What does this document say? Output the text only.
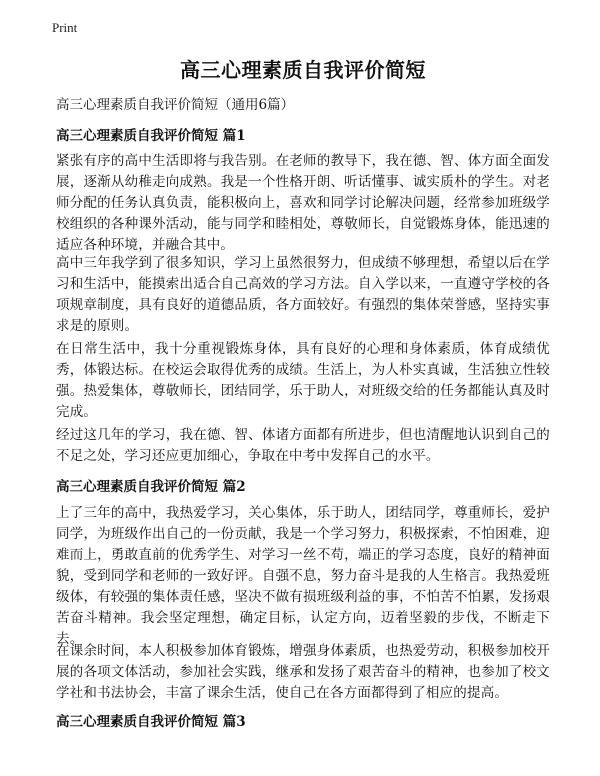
Print
高三心理素质自我评价简短
高三心理素质自我评价简短（通用6篇）
高三心理素质自我评价简短 篇1

紧张有序的高中生活即将与我告别。在老师的教导下，我在德、智、体方面全面发展，逐渐从幼稚走向成熟。我是一个性格开朗、听话懂事、诚实质朴的学生。对老师分配的任务认真负责，能积极向上，喜欢和同学讨论解决问题，经常参加班级学校组织的各种课外活动，能与同学和睦相处，尊敬师长，自觉锻炼身体，能迅速的适应各种环境，并融合其中。

高中三年我学到了很多知识，学习上虽然很努力，但成绩不够理想，希望以后在学习和生活中，能摸索出适合自己高效的学习方法。自入学以来，一直遵守学校的各项规章制度，具有良好的道德品质，各方面较好。有强烈的集体荣誉感，坚持实事求是的原则。

在日常生活中，我十分重视锻炼身体，具有良好的心理和身体素质，体育成绩优秀，体锻达标。在校运会取得优秀的成绩。生活上，为人朴实真诚，生活独立性较强。热爱集体，尊敬师长，团结同学，乐于助人，对班级交给的任务都能认真及时完成。

经过这几年的学习，我在德、智、体诸方面都有所进步，但也清醒地认识到自己的不足之处，学习还应更加细心，争取在中考中发挥自己的水平。

高三心理素质自我评价简短 篇2

上了三年的高中，我热爱学习，关心集体，乐于助人，团结同学，尊重师长，爱护同学，为班级作出自己的一份贡献，我是一个学习努力，积极探索，不怕困难，迎难而上，勇敢直前的优秀学生、对学习一丝不苟，端正的学习态度，良好的精神面貌，受到同学和老师的一致好评。自强不息，努力奋斗是我的人生格言。我热爱班级体，有较强的集体责任感，坚决不做有损班级利益的事，不怕苦不怕累，发扬艰苦奋斗精神。我会坚定理想，确定目标，认定方向，迈着坚毅的步伐，不断走下去。

在课余时间，本人积极参加体育锻炼，增强身体素质，也热爱劳动，积极参加校开展的各项文体活动，参加社会实践，继承和发扬了艰苦奋斗的精神，也参加了校文学社和书法协会，丰富了课余生活，使自己在各方面都得到了相应的提高。

高三心理素质自我评价简短 篇3
